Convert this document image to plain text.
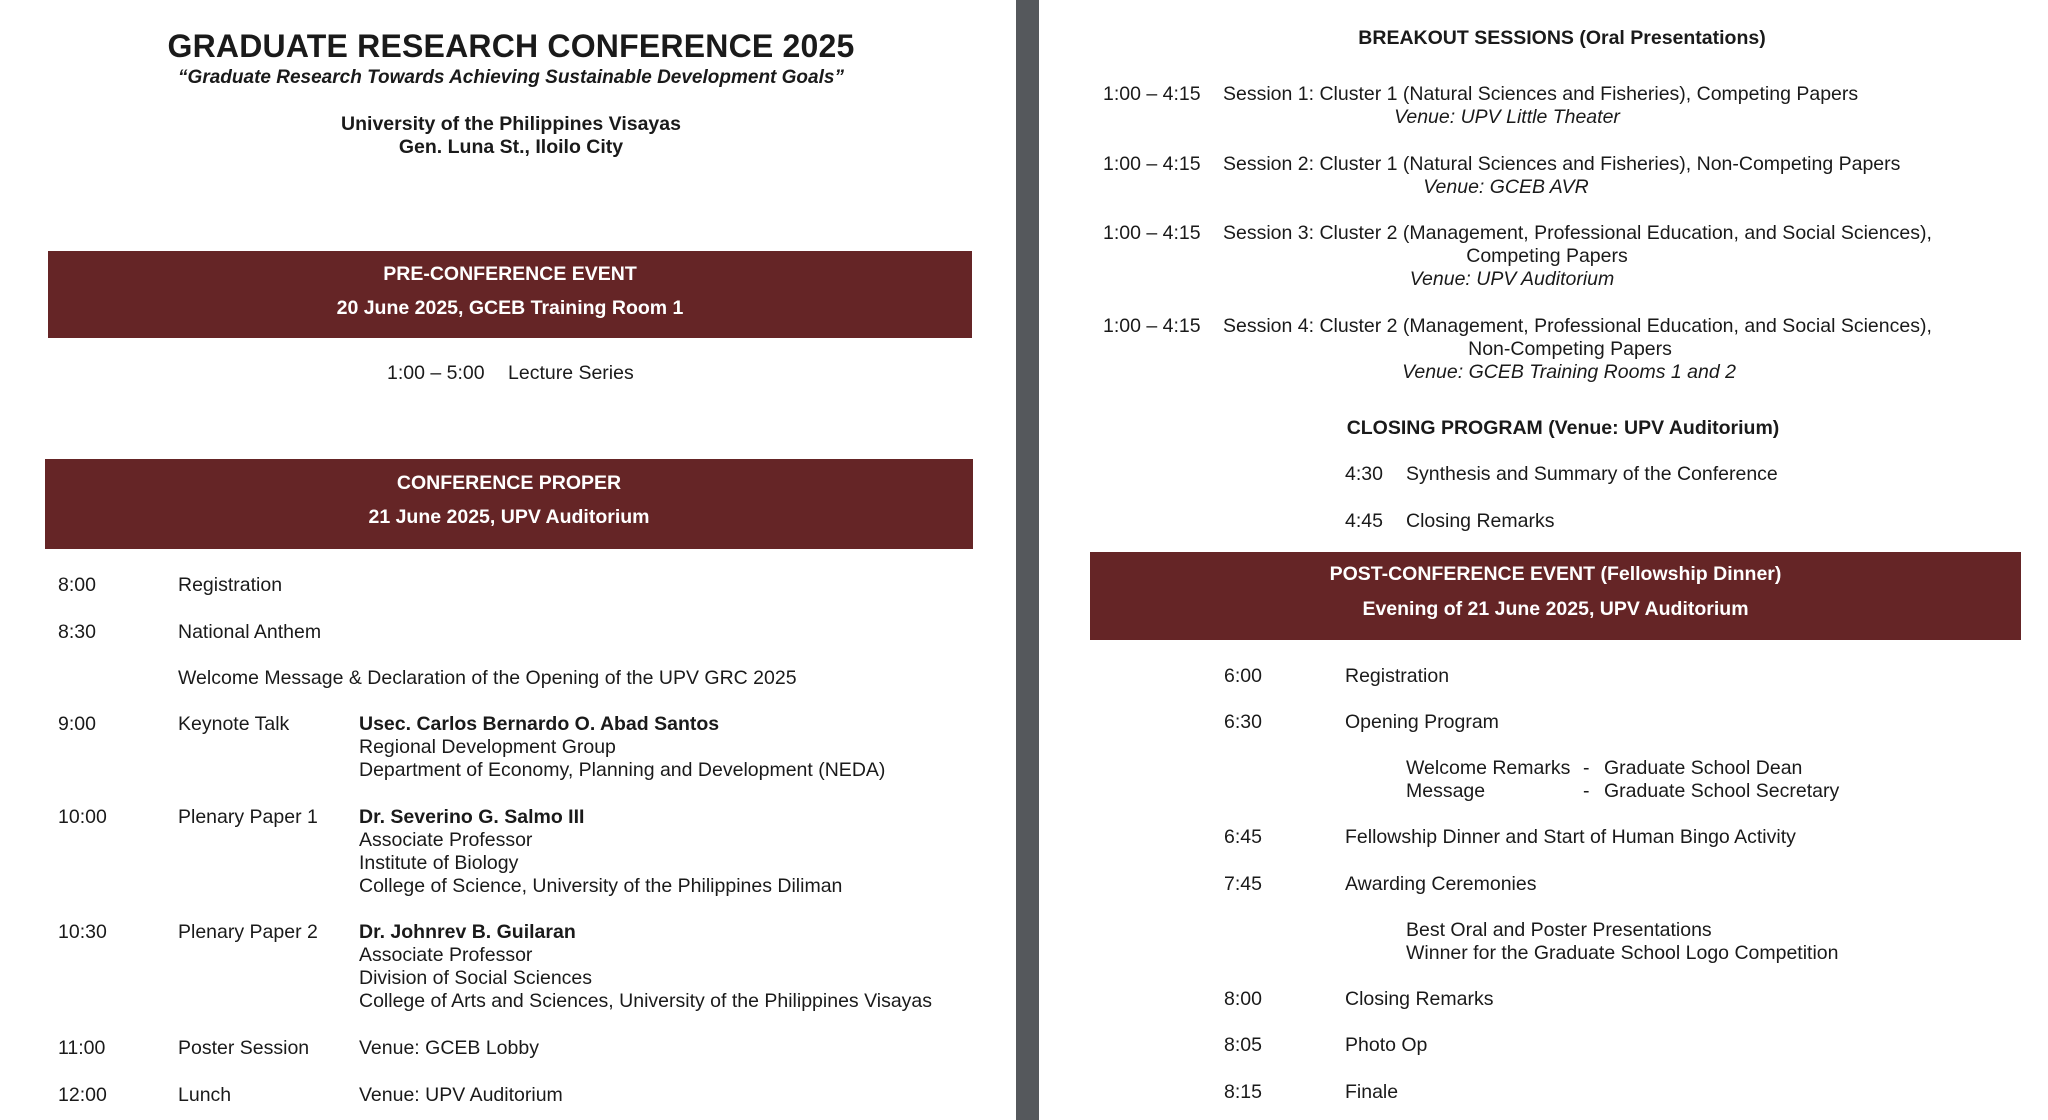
GRADUATE RESEARCH CONFERENCE 2025
“Graduate Research Towards Achieving Sustainable Development Goals”
University of the Philippines Visayas
Gen. Luna St., Iloilo City
PRE-CONFERENCE EVENT
20 June 2025, GCEB Training Room 1
1:00 – 5:00 Lecture Series
CONFERENCE PROPER
21 June 2025, UPV Auditorium
8:00	Registration
8:30	National Anthem
Welcome Message & Declaration of the Opening of the UPV GRC 2025
9:00	Keynote Talk	Usec. Carlos Bernardo O. Abad Santos
Regional Development Group
Department of Economy, Planning and Development (NEDA)
10:00	Plenary Paper 1 Dr. Severino G. Salmo III
Associate Professor
Institute of Biology
College of Science, University of the Philippines Diliman
10:30	Plenary Paper 2 Dr. Johnrev B. Guilaran
Associate Professor
Division of Social Sciences
College of Arts and Sciences, University of the Philippines Visayas
11:00	Poster Session	Venue: GCEB Lobby
12:00	Lunch	Venue: UPV Auditorium
BREAKOUT SESSIONS (Oral Presentations)
1:00 – 4:15 Session 1: Cluster 1 (Natural Sciences and Fisheries), Competing Papers
Venue: UPV Little Theater
1:00 – 4:15 Session 2: Cluster 1 (Natural Sciences and Fisheries), Non-Competing Papers
Venue: GCEB AVR
1:00 – 4:15 Session 3: Cluster 2 (Management, Professional Education, and Social Sciences),
Competing Papers
Venue: UPV Auditorium
1:00 – 4:15 Session 4: Cluster 2 (Management, Professional Education, and Social Sciences),
Non-Competing Papers
Venue: GCEB Training Rooms 1 and 2
CLOSING PROGRAM (Venue: UPV Auditorium)
4:30 Synthesis and Summary of the Conference
4:45 Closing Remarks
POST-CONFERENCE EVENT (Fellowship Dinner)
Evening of 21 June 2025, UPV Auditorium
6:00	Registration
6:30	Opening Program
Welcome Remarks - Graduate School Dean
Message	- Graduate School Secretary
6:45	Fellowship Dinner and Start of Human Bingo Activity
7:45	Awarding Ceremonies
Best Oral and Poster Presentations
Winner for the Graduate School Logo Competition
8:00	Closing Remarks
8:05	Photo Op
8:15	Finale
